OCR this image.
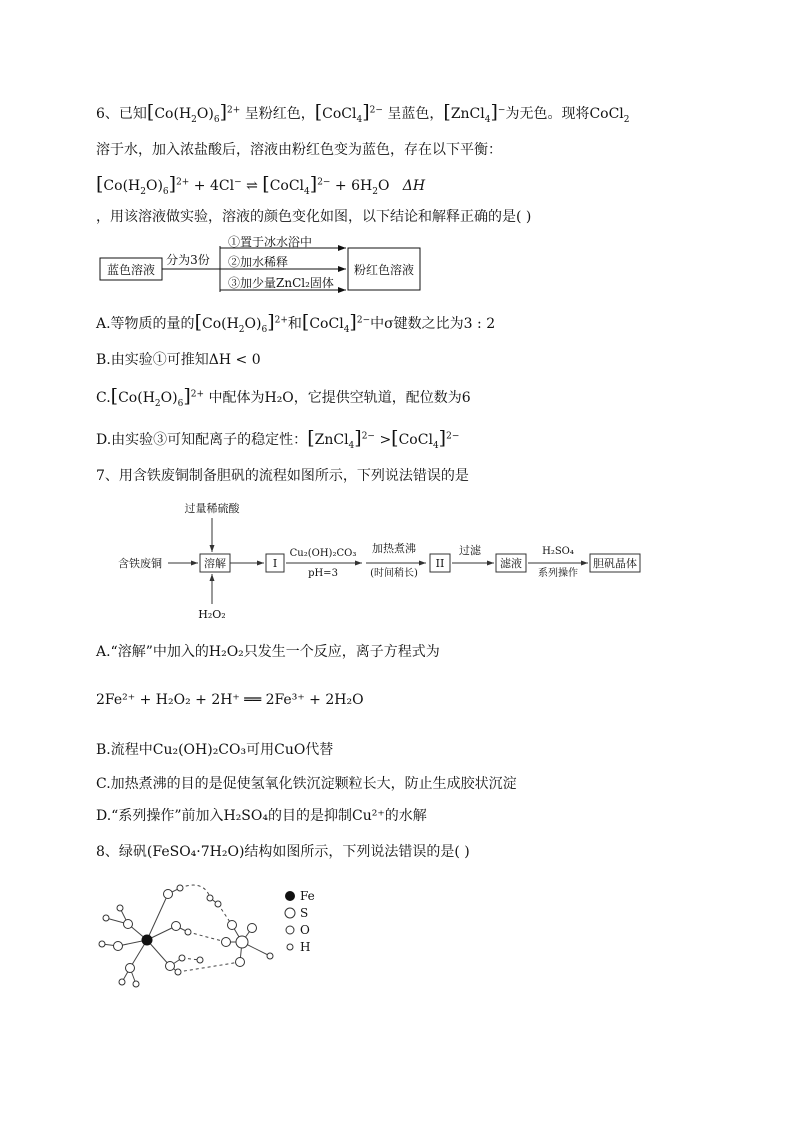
6、已知$[Co(H_2O)_6]^{2+}$ 呈粉红色，[CoCl$_4$]$^{2-}$ 呈蓝色，[ZnCl$_4$]−为无色。现将CoCl$_2$
溶于水，加入浓盐酸后，溶液由粉红色变为蓝色，存在以下平衡：
$[Co(H_2O)_6]^{2+} + 4Cl^-$ ⇌ [CoCl$_4$]$^{2-}$ + $6H_2O$   ΔH
，用该溶液做实验，溶液的颜色变化如图，以下结论和解释正确的是( )
蓝色溶液
分为3份
①置于冰水浴中
②加水稀释
③加少量ZnCl₂固体
粉红色溶液
A.等物质的量的$[Co(H_2O)_6]^{2+}$和[CoCl$_4$]$^{2-}$中σ键数之比为3 : 2
B.由实验①可推知ΔH < 0
$C.[Co(H_2O)_6]^{2+}$ 中配体为H₂O，它提供空轨道，配位数为6
D.由实验③可知配离子的稳定性：[ZnCl$_4$]$^{2-}$ >[CoCl$_4$]$^{2-}$
7、用含铁废铜制备胆矾的流程如图所示，下列说法错误的是
过量稀硫酸
含铁废铜	溶解
H₂O₂
I
Cu₂(OH)₂CO₃
pH=3
加热煮沸
(时间稍长)
II
过滤
滤液
H₂SO₄
系列操作
胆矾晶体
A.“溶解”中加入的H₂O₂只发生一个反应，离子方程式为
2Fe²⁺ + H₂O₂ + 2H⁺ ══ 2Fe³⁺ + 2H₂O
B.流程中Cu₂(OH)₂CO₃可用CuO代替
C.加热煮沸的目的是促使氢氧化铁沉淀颗粒长大，防止生成胶状沉淀
D.“系列操作”前加入H₂SO₄的目的是抑制Cu²⁺的水解
8、绿矾(FeSO₄·7H₂O)结构如图所示，下列说法错误的是( )
Fe
S
O
H
